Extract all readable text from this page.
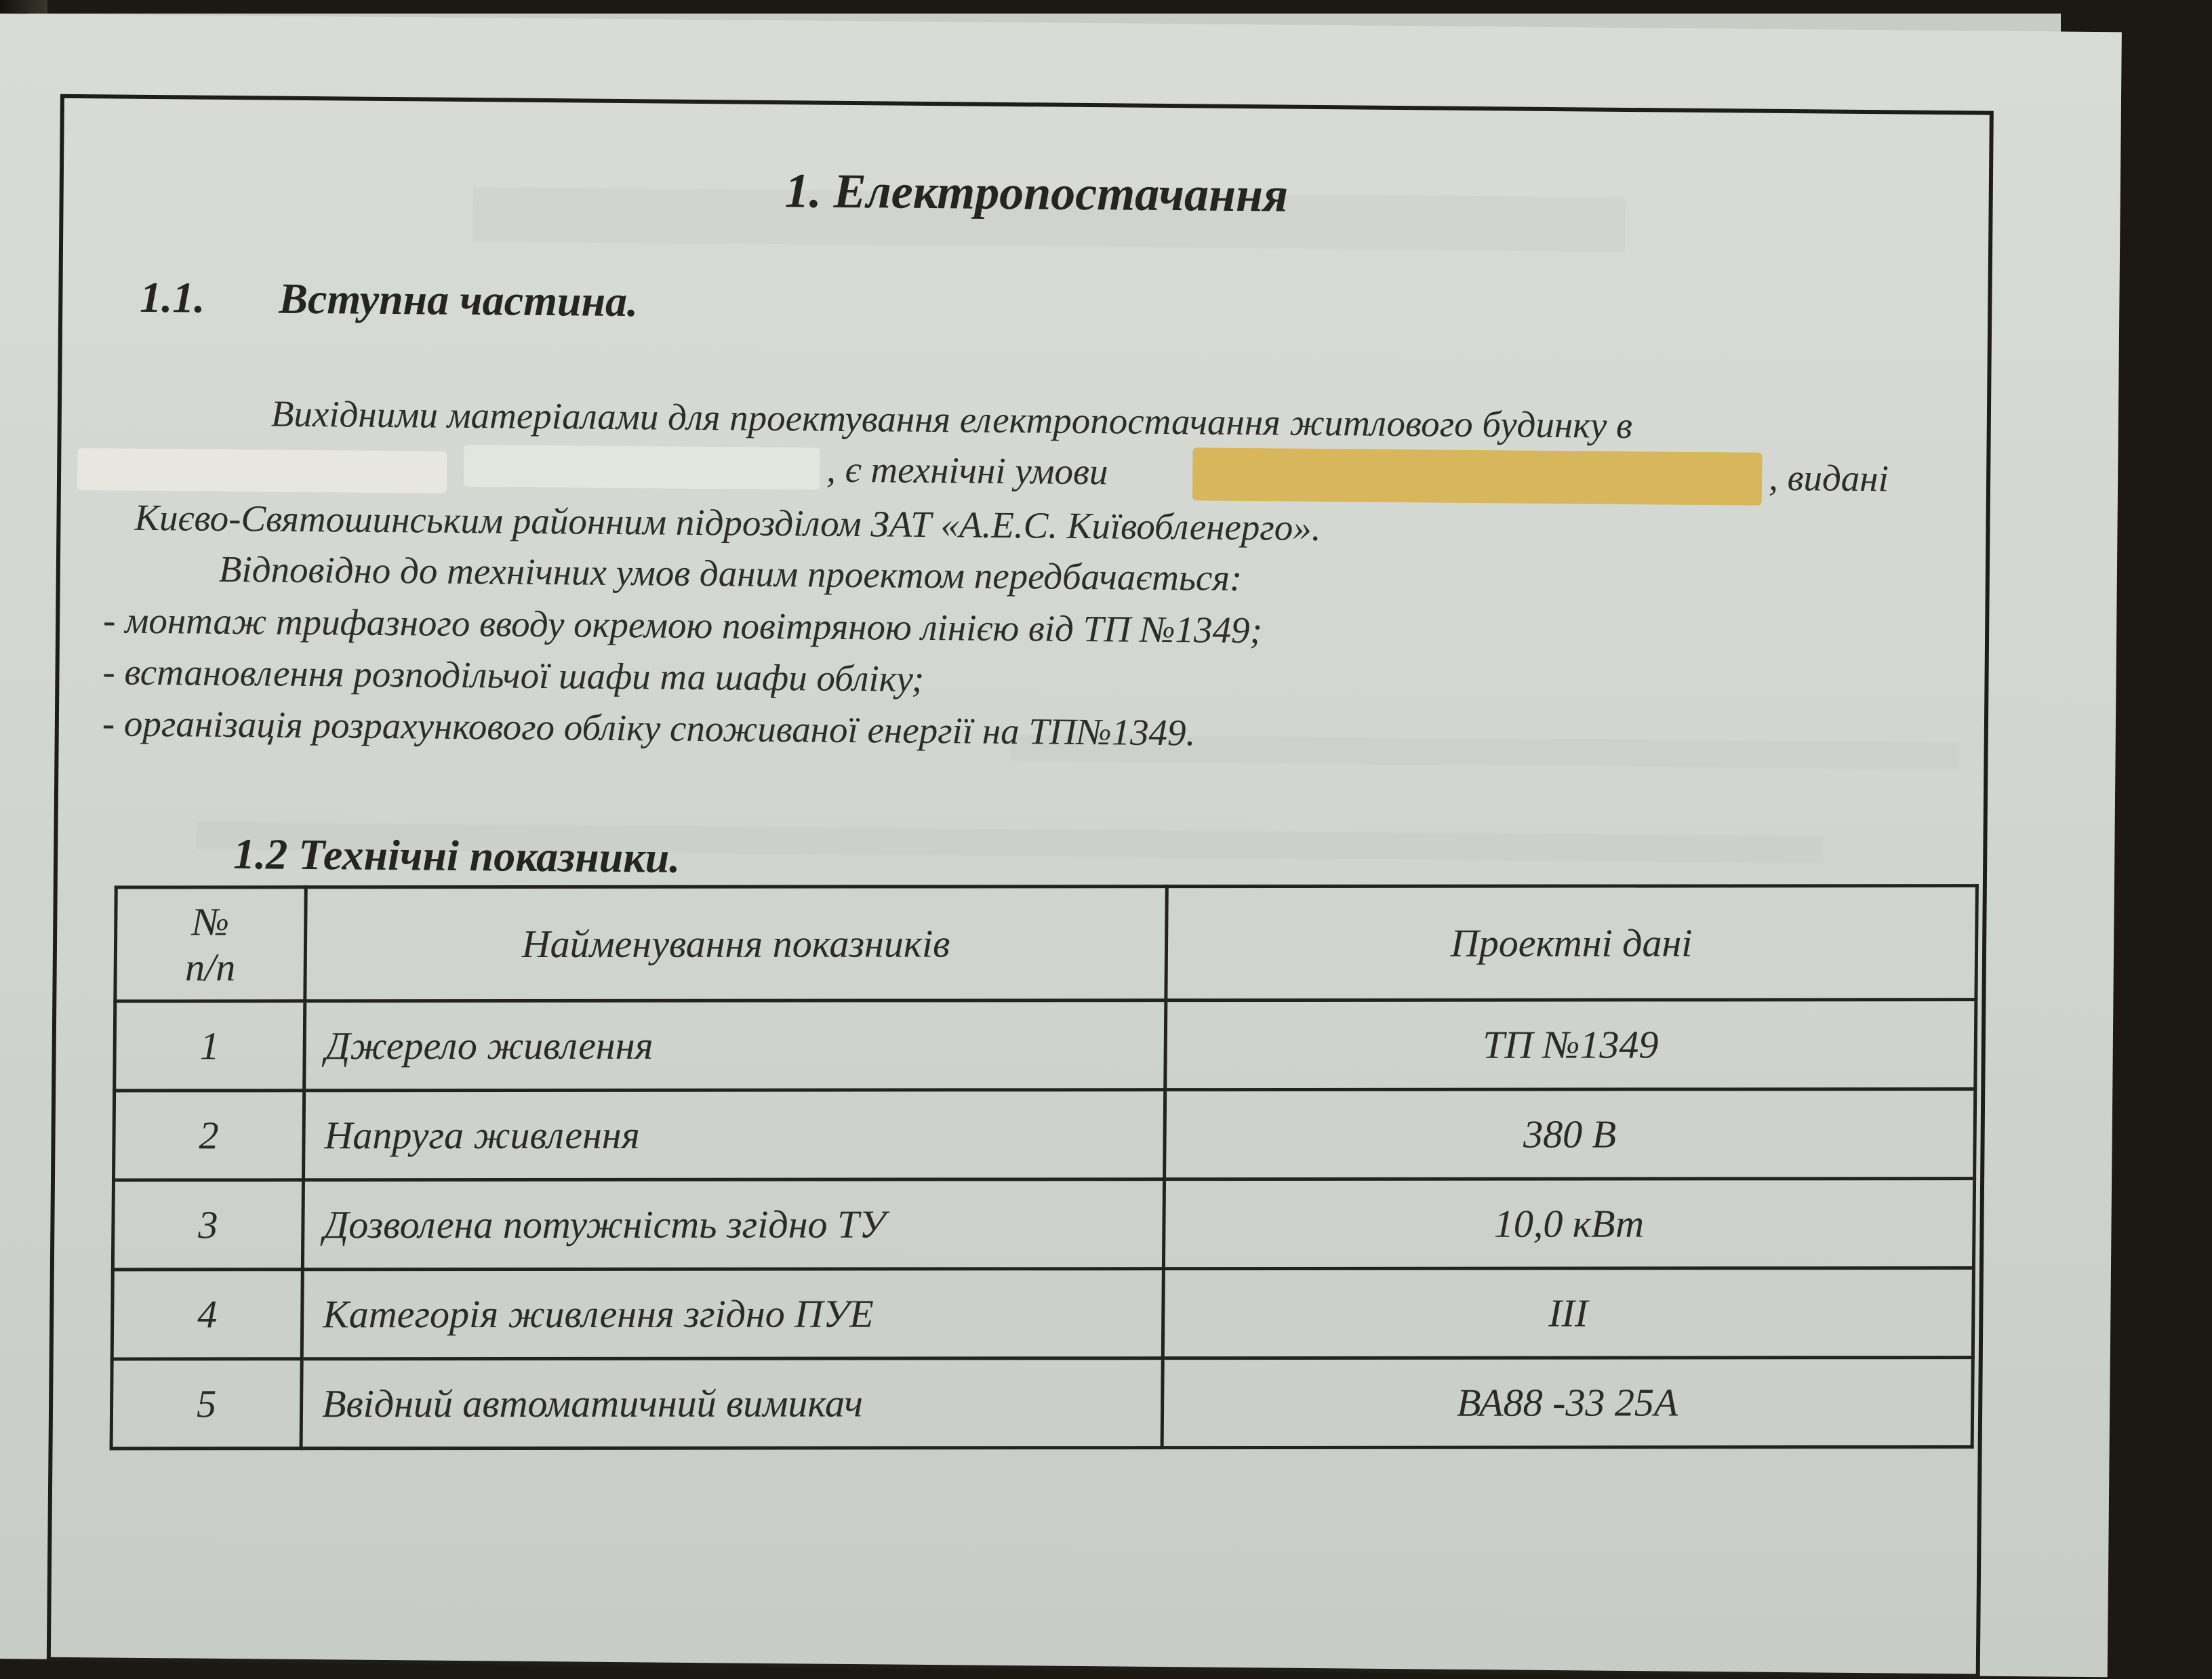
1. Електропостачання
1.1. Вступна частина.
Вихідними матеріалами для проектування електропостачання житлового будинку в
, є технічні умови	, видані
Києво-Святошинським районним підрозділом ЗАТ «А.Е.С. Київобленерго».
Відповідно до технічних умов даним проектом передбачається:
- монтаж трифазного вводу окремою повітряною лінією від ТП №1349;
- встановлення розподільчої шафи та шафи обліку;
- організація розрахункового обліку споживаної енергії на ТП№1349.
1.2 Технічні показники.
№
п/п	Найменування показників	Проектні дані
1	Джерело живлення	ТП №1349
2	Напруга живлення	380 В
3	Дозволена потужність згідно ТУ	10,0 кВт
4	Категорія живлення згідно ПУЕ	ІІІ
5	Ввідний автоматичний вимикач	ВА88 -33 25А
